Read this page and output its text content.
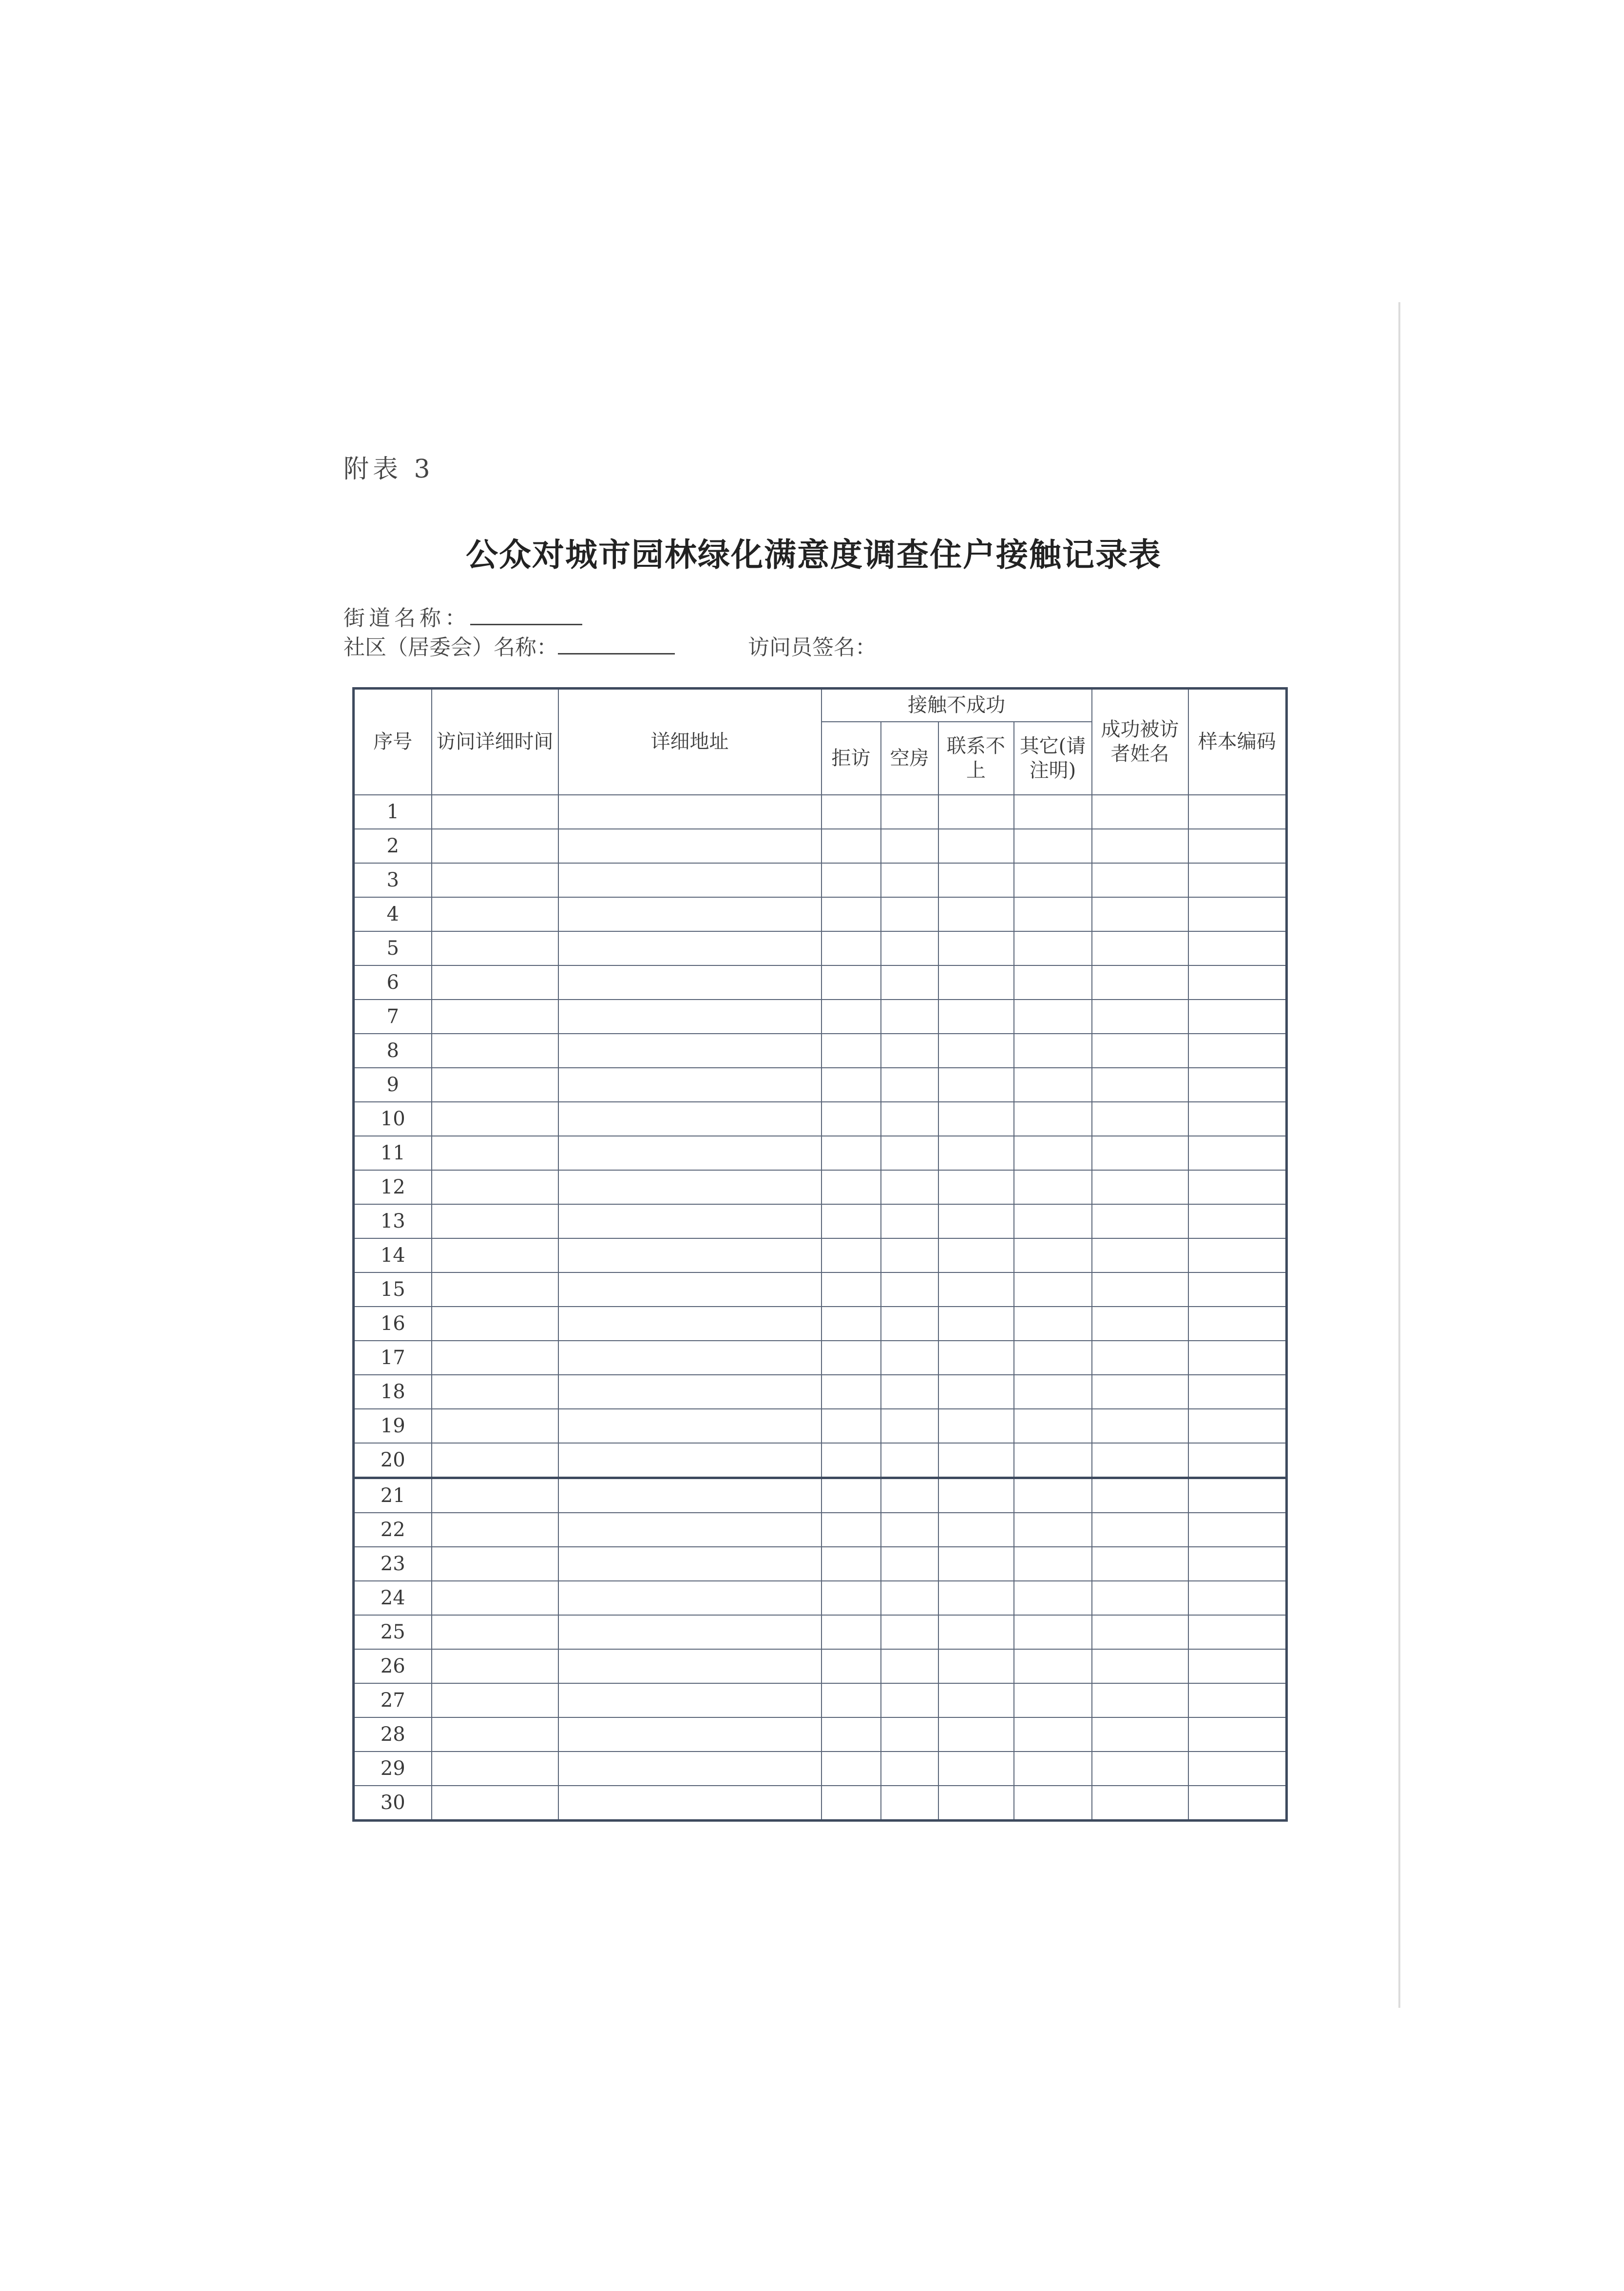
附表 3
公众对城市园林绿化满意度调查住户接触记录表
街道名称：
社区（居委会）名称：	访问员签名：
序号	访问详细时间	详细地址	接触不成功				成功被访者姓名	样本编码
			拒访	空房	联系不上	其它(请注明)		
1								
2								
3								
4								
5								
6								
7								
8								
9								
10								
11								
12								
13								
14								
15								
16								
17								
18								
19								
20								
21								
22								
23								
24								
25								
26								
27								
28								
29								
30								
